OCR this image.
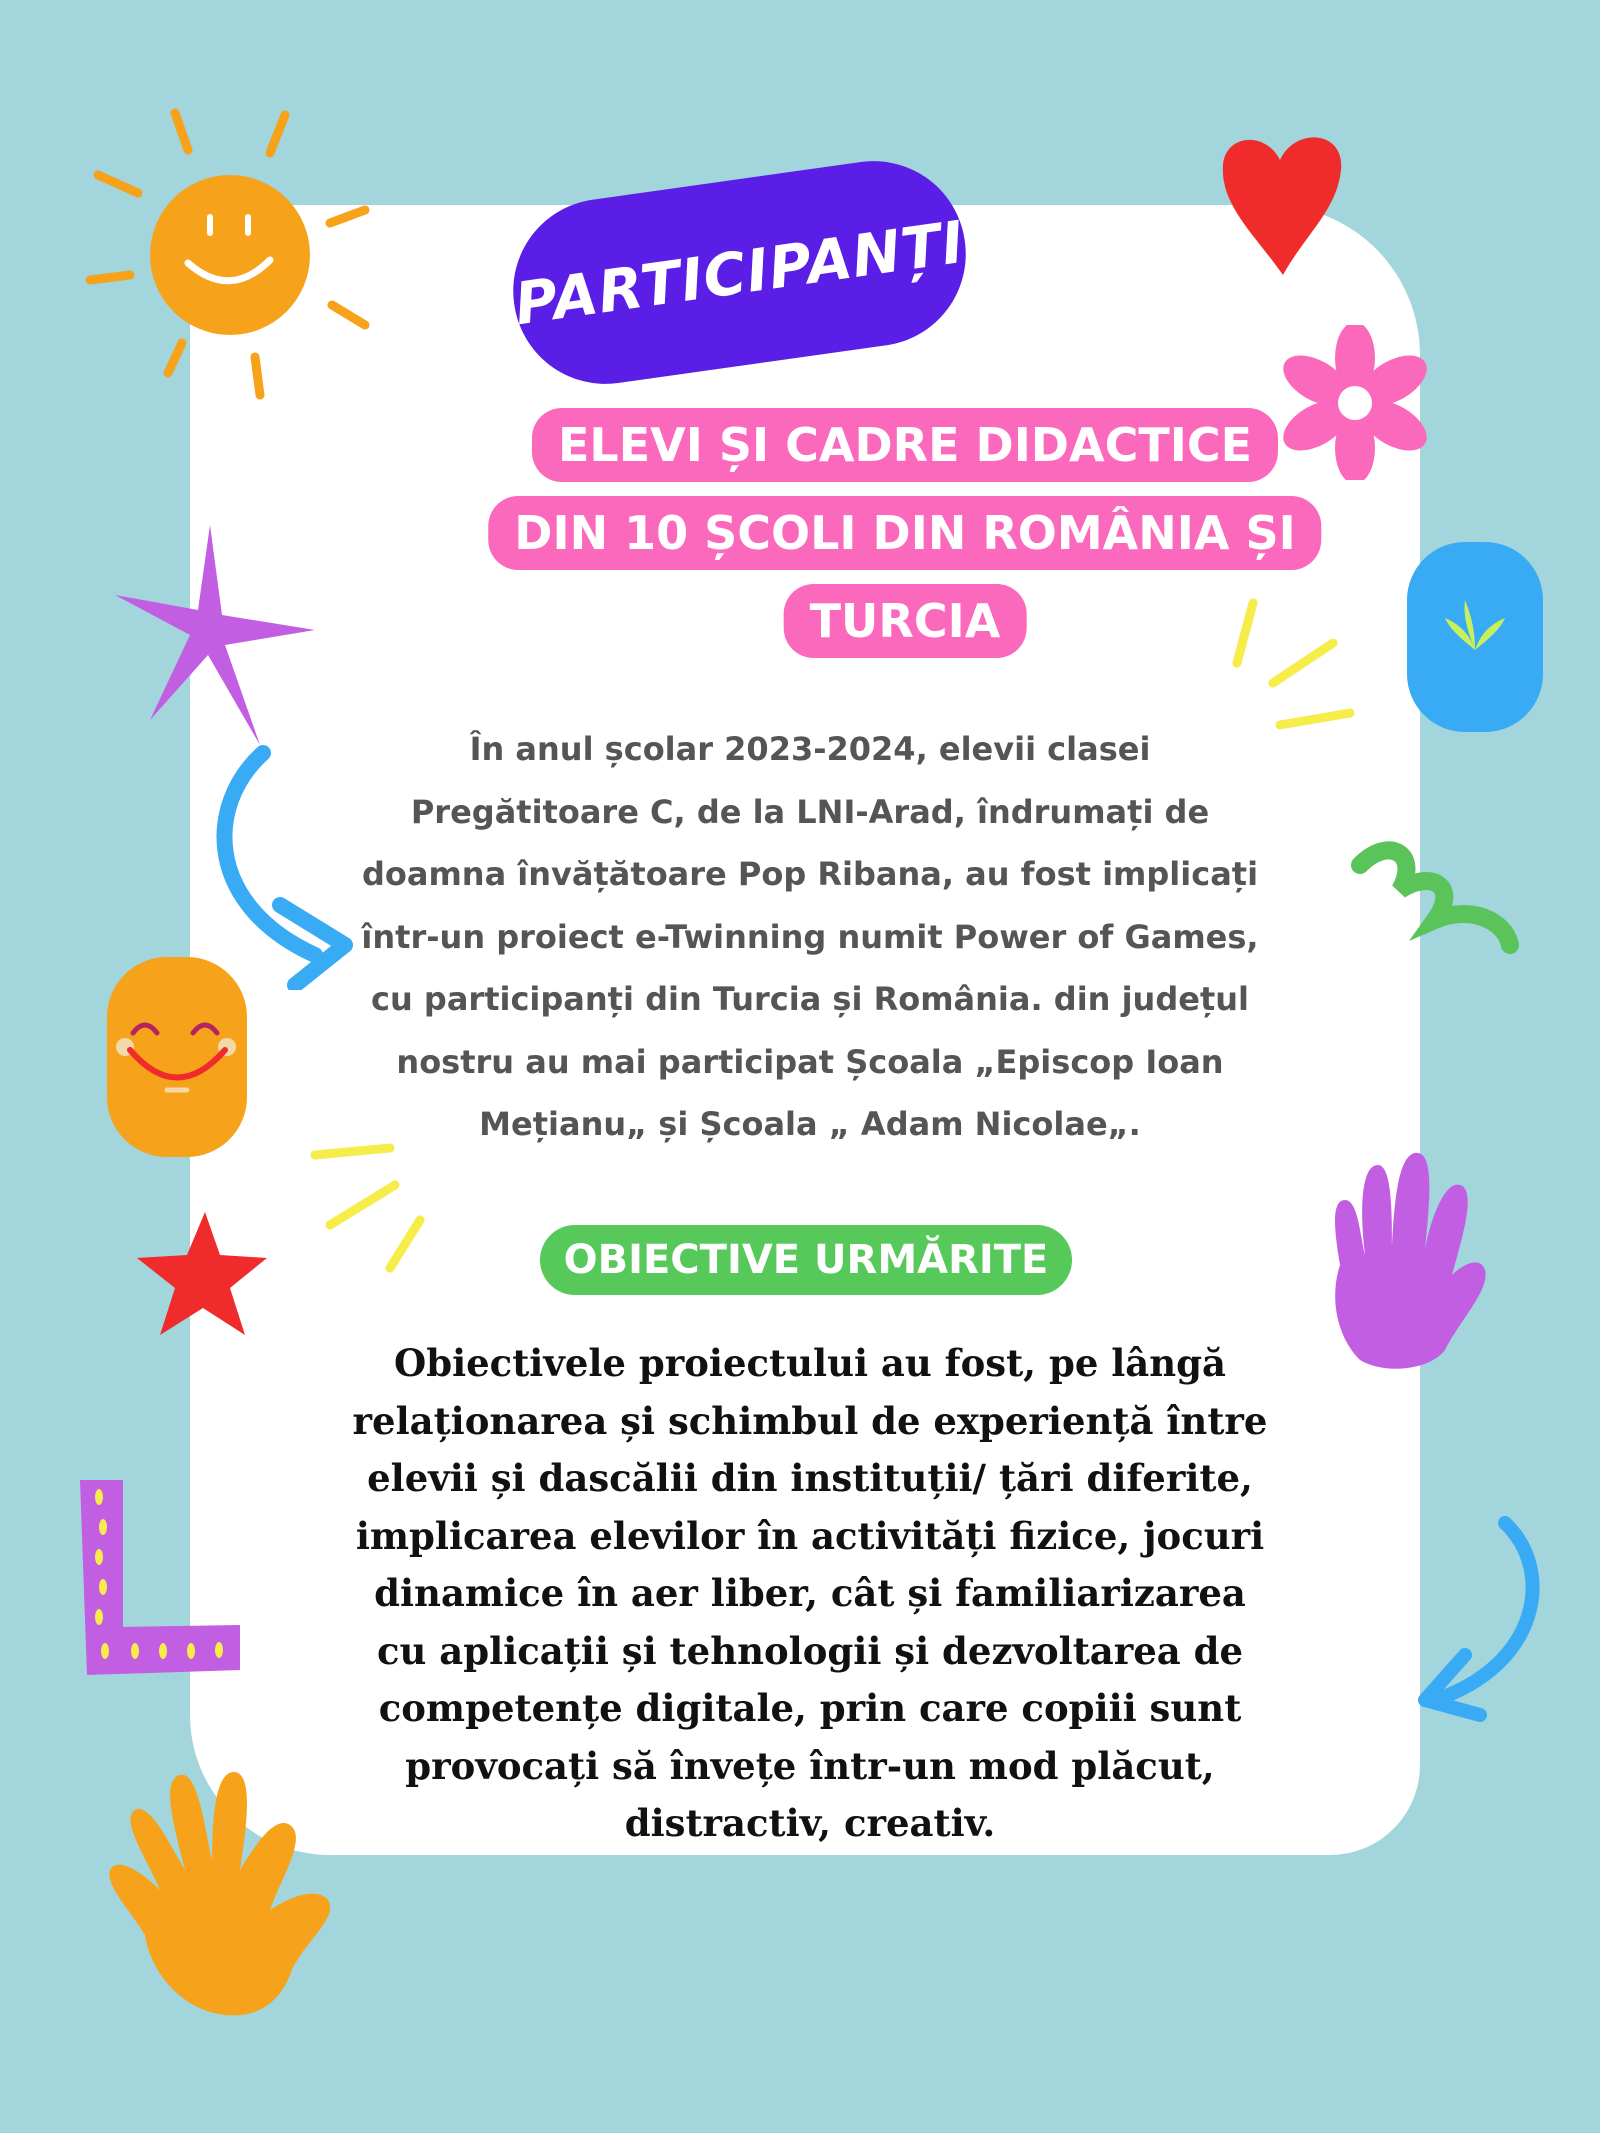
PARTICIPANȚI
ELEVI ȘI CADRE DIDACTICE
DIN 10 ȘCOLI DIN ROMÂNIA ȘI
TURCIA

În anul școlar 2023-2024, elevii clasei
Pregătitoare C, de la LNI-Arad, îndrumați de
doamna învățătoare Pop Ribana, au fost implicați
într-un proiect e-Twinning numit Power of Games,
cu participanți din Turcia și România. din județul
nostru au mai participat Școala „Episcop Ioan
Mețianu„ și Școala „ Adam Nicolae„.

OBIECTIVE URMĂRITE

Obiectivele proiectului au fost, pe lângă
relaționarea și schimbul de experiență între
elevii și dascălii din instituții/ țări diferite,
implicarea elevilor în activități fizice, jocuri
dinamice în aer liber, cât și familiarizarea
cu aplicații și tehnologii și dezvoltarea de
competențe digitale, prin care copiii sunt
provocați să învețe într-un mod plăcut,
distractiv, creativ.
